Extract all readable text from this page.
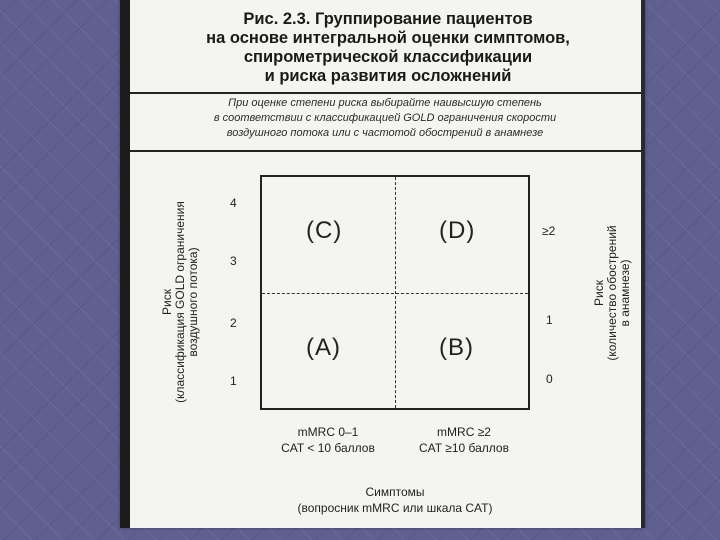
Рис. 2.3. Группирование пациентов
на основе интегральной оценки симптомов,
спирометрической классификации
и риска развития осложнений

При оценке степени риска выбирайте наивысшую степень
в соответствии с классификацией GOLD ограничения скорости
воздушного потока или с частотой обострений в анамнезе

Риск
(классификация GOLD ограничения
воздушного потока)
4
3
2
1
(C)	(D)
(A)	(B)
≥2
1
0
Риск
(количество обострений
в анамнезе)
mMRC 0–1
CAT < 10 баллов
mMRC ≥2
CAT ≥10 баллов
Симптомы
(вопросник mMRC или шкала CAT)
